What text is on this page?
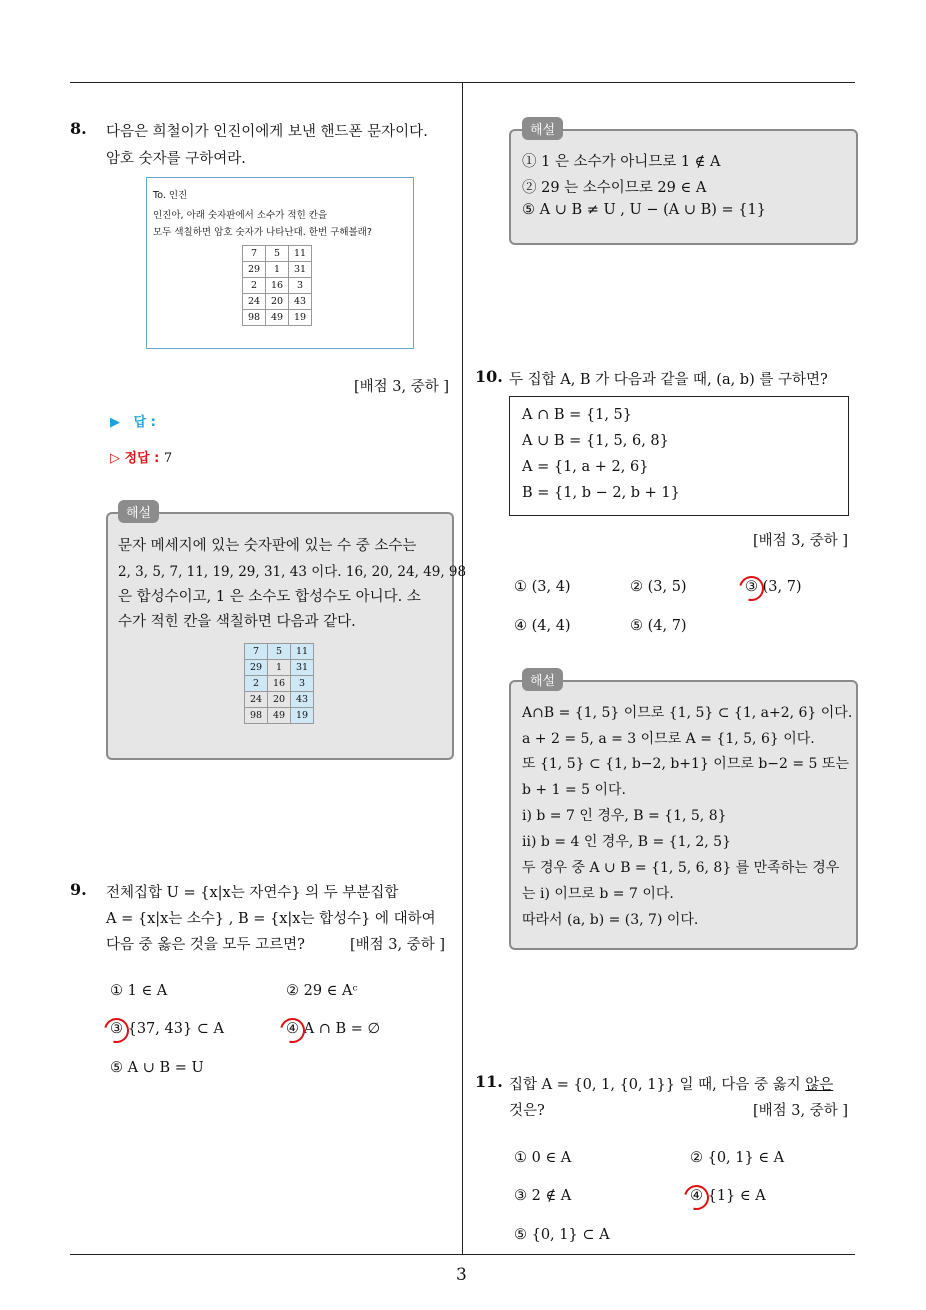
3
8. 다음은 희철이가 인진이에게 보낸 핸드폰 문자이다.
암호 숫자를 구하여라.
To. 인진
인진아, 아래 숫자판에서 소수가 적힌 칸을
모두 색칠하면 암호 숫자가 나타난대. 한번 구해볼래?
7	5	11
29	1	31
2	16	3
24	20	43
98	49	19
[배점 3, 중하 ]
▶ 답 :
▷ 정답 : 7
해설
문자 메세지에 있는 숫자판에 있는 수 중 소수는
2, 3, 5, 7, 11, 19, 29, 31, 43 이다. 16, 20, 24, 49, 98
은 합성수이고, 1 은 소수도 합성수도 아니다. 소
수가 적힌 칸을 색칠하면 다음과 같다.
7	5	11
29	1	31
2	16	3
24	20	43
98	49	19
9. 전체집합 U = {x|x는 자연수} 의 두 부분집합
A = {x|x는 소수} , B = {x|x는 합성수} 에 대하여
다음 중 옳은 것을 모두 고르면?	[배점 3, 중하 ]
① 1 ∈ A	② 29 ∈ Aᶜ
③ {37, 43} ⊂ A	④ A ∩ B = ∅
⑤ A ∪ B = U
해설
① 1 은 소수가 아니므로 1 ∉ A
② 29 는 소수이므로 29 ∈ A
⑤ A ∪ B ≠ U , U − (A ∪ B) = {1}
10. 두 집합 A, B 가 다음과 같을 때, (a, b) 를 구하면?
A ∩ B = {1, 5}
A ∪ B = {1, 5, 6, 8}
A = {1, a + 2, 6}
B = {1, b − 2, b + 1}
[배점 3, 중하 ]
① (3, 4)	② (3, 5)	③ (3, 7)
④ (4, 4)	⑤ (4, 7)
해설
A∩B = {1, 5} 이므로 {1, 5} ⊂ {1, a+2, 6} 이다.
a + 2 = 5, a = 3 이므로 A = {1, 5, 6} 이다.
또 {1, 5} ⊂ {1, b−2, b+1} 이므로 b−2 = 5 또는
b + 1 = 5 이다.
ⅰ) b = 7 인 경우, B = {1, 5, 8}
ⅱ) b = 4 인 경우, B = {1, 2, 5}
두 경우 중 A ∪ B = {1, 5, 6, 8} 를 만족하는 경우
는 ⅰ) 이므로 b = 7 이다.
따라서 (a, b) = (3, 7) 이다.
11. 집합 A = {0, 1, {0, 1}} 일 때, 다음 중 옳지 않은
것은?	[배점 3, 중하 ]
① 0 ∈ A	② {0, 1} ∈ A
③ 2 ∉ A	④ {1} ∈ A
⑤ {0, 1} ⊂ A
